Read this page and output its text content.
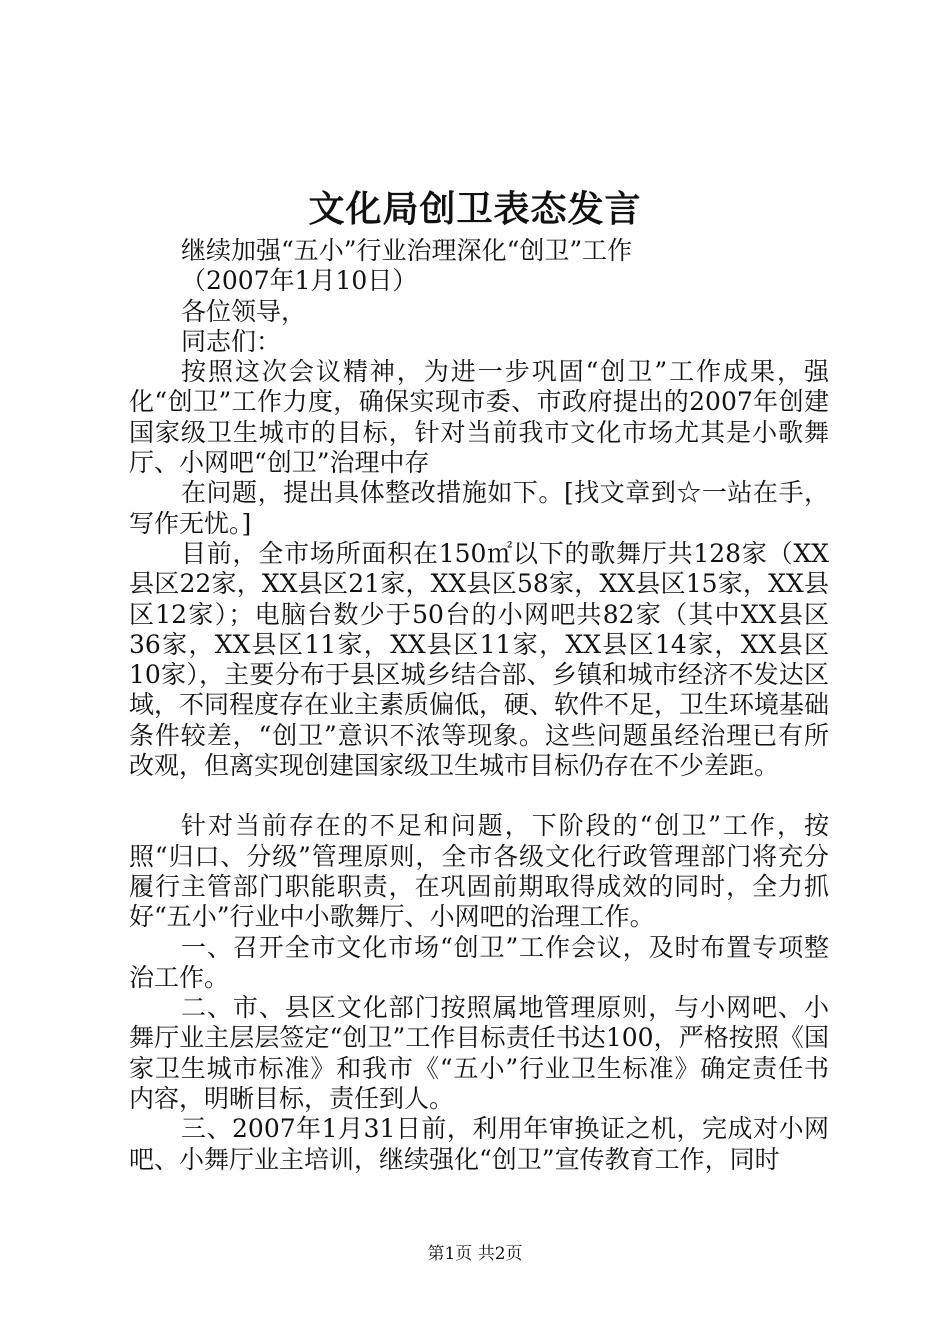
文化局创卫表态发言

继续加强“五小”行业治理深化“创卫”工作

（2007年1月10日）

各位领导，

同志们：

按照这次会议精神，为进一步巩固“创卫”工作成果，强化“创卫”工作力度，确保实现市委、市政府提出的2007年创建国家级卫生城市的目标，针对当前我市文化市场尤其是小歌舞厅、小网吧“创卫”治理中存

在问题，提出具体整改措施如下。[找文章到☆一站在手，写作无忧。]

目前，全市场所面积在150㎡以下的歌舞厅共128家（XX县区22家，XX县区21家，XX县区58家，XX县区15家，XX县区12家）；电脑台数少于50台的小网吧共82家（其中XX县区36家，XX县区11家，XX县区11家，XX县区14家，XX县区10家），主要分布于县区城乡结合部、乡镇和城市经济不发达区域，不同程度存在业主素质偏低，硬、软件不足，卫生环境基础条件较差，“创卫”意识不浓等现象。这些问题虽经治理已有所改观，但离实现创建国家级卫生城市目标仍存在不少差距。

针对当前存在的不足和问题，下阶段的“创卫”工作，按照“归口、分级”管理原则，全市各级文化行政管理部门将充分履行主管部门职能职责，在巩固前期取得成效的同时，全力抓好“五小”行业中小歌舞厅、小网吧的治理工作。

一、召开全市文化市场“创卫”工作会议，及时布置专项整治工作。

二、市、县区文化部门按照属地管理原则，与小网吧、小舞厅业主层层签定“创卫”工作目标责任书达100，严格按照《国家卫生城市标准》和我市《“五小”行业卫生标准》确定责任书内容，明晰目标，责任到人。

三、2007年1月31日前，利用年审换证之机，完成对小网吧、小舞厅业主培训，继续强化“创卫”宣传教育工作，同时

第1页 共2页
